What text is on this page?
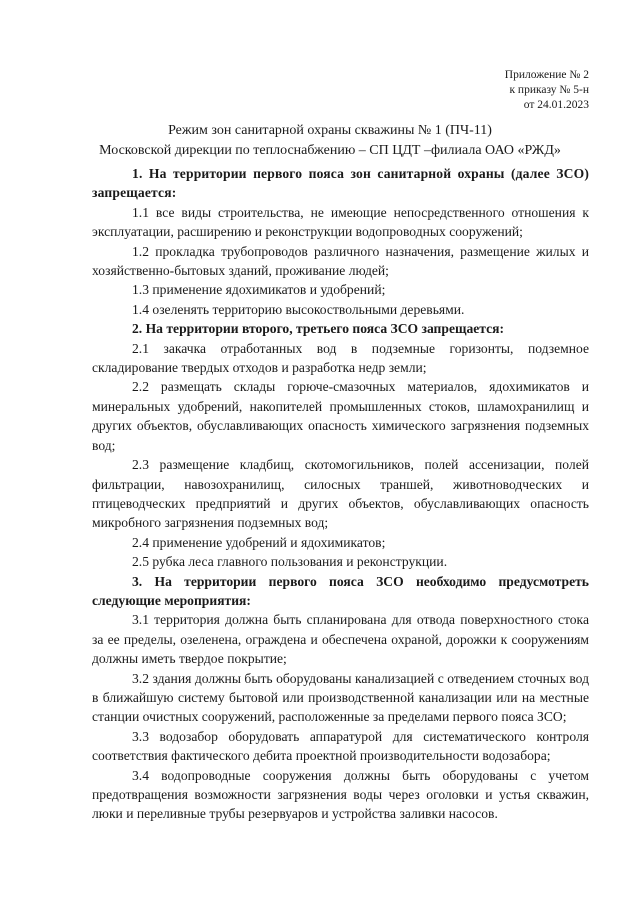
Приложение № 2
к приказу № 5-н
от 24.01.2023
Режим зон санитарной охраны скважины № 1 (ПЧ-11)
Московской дирекции по теплоснабжению – СП ЦДТ –филиала ОАО «РЖД»

1. На территории первого пояса зон санитарной охраны (далее ЗСО) запрещается:

1.1 все виды строительства, не имеющие непосредственного отношения к эксплуатации, расширению и реконструкции водопроводных сооружений;

1.2 прокладка трубопроводов различного назначения, размещение жилых и хозяйственно-бытовых зданий, проживание людей;

1.3 применение ядохимикатов и удобрений;

1.4 озеленять территорию высокоствольными деревьями.

2. На территории второго, третьего пояса ЗСО запрещается:

2.1 закачка отработанных вод в подземные горизонты, подземное складирование твердых отходов и разработка недр земли;

2.2 размещать склады горюче-смазочных материалов, ядохимикатов и минеральных удобрений, накопителей промышленных стоков, шламохранилищ и других объектов, обуславливающих опасность химического загрязнения подземных вод;

2.3 размещение кладбищ, скотомогильников, полей ассенизации, полей фильтрации, навозохранилищ, силосных траншей, животноводческих и птицеводческих предприятий и других объектов, обуславливающих опасность микробного загрязнения подземных вод;

2.4 применение удобрений и ядохимикатов;

2.5 рубка леса главного пользования и реконструкции.

3. На территории первого пояса ЗСО необходимо предусмотреть следующие мероприятия:

3.1 территория должна быть спланирована для отвода поверхностного стока за ее пределы, озеленена, ограждена и обеспечена охраной, дорожки к сооружениям должны иметь твердое покрытие;

3.2 здания должны быть оборудованы канализацией с отведением сточных вод в ближайшую систему бытовой или производственной канализации или на местные станции очистных сооружений, расположенные за пределами первого пояса ЗСО;

3.3 водозабор оборудовать аппаратурой для систематического контроля соответствия фактического дебита проектной производительности водозабора;

3.4 водопроводные сооружения должны быть оборудованы с учетом предотвращения возможности загрязнения воды через оголовки и устья скважин, люки и переливные трубы резервуаров и устройства заливки насосов.
